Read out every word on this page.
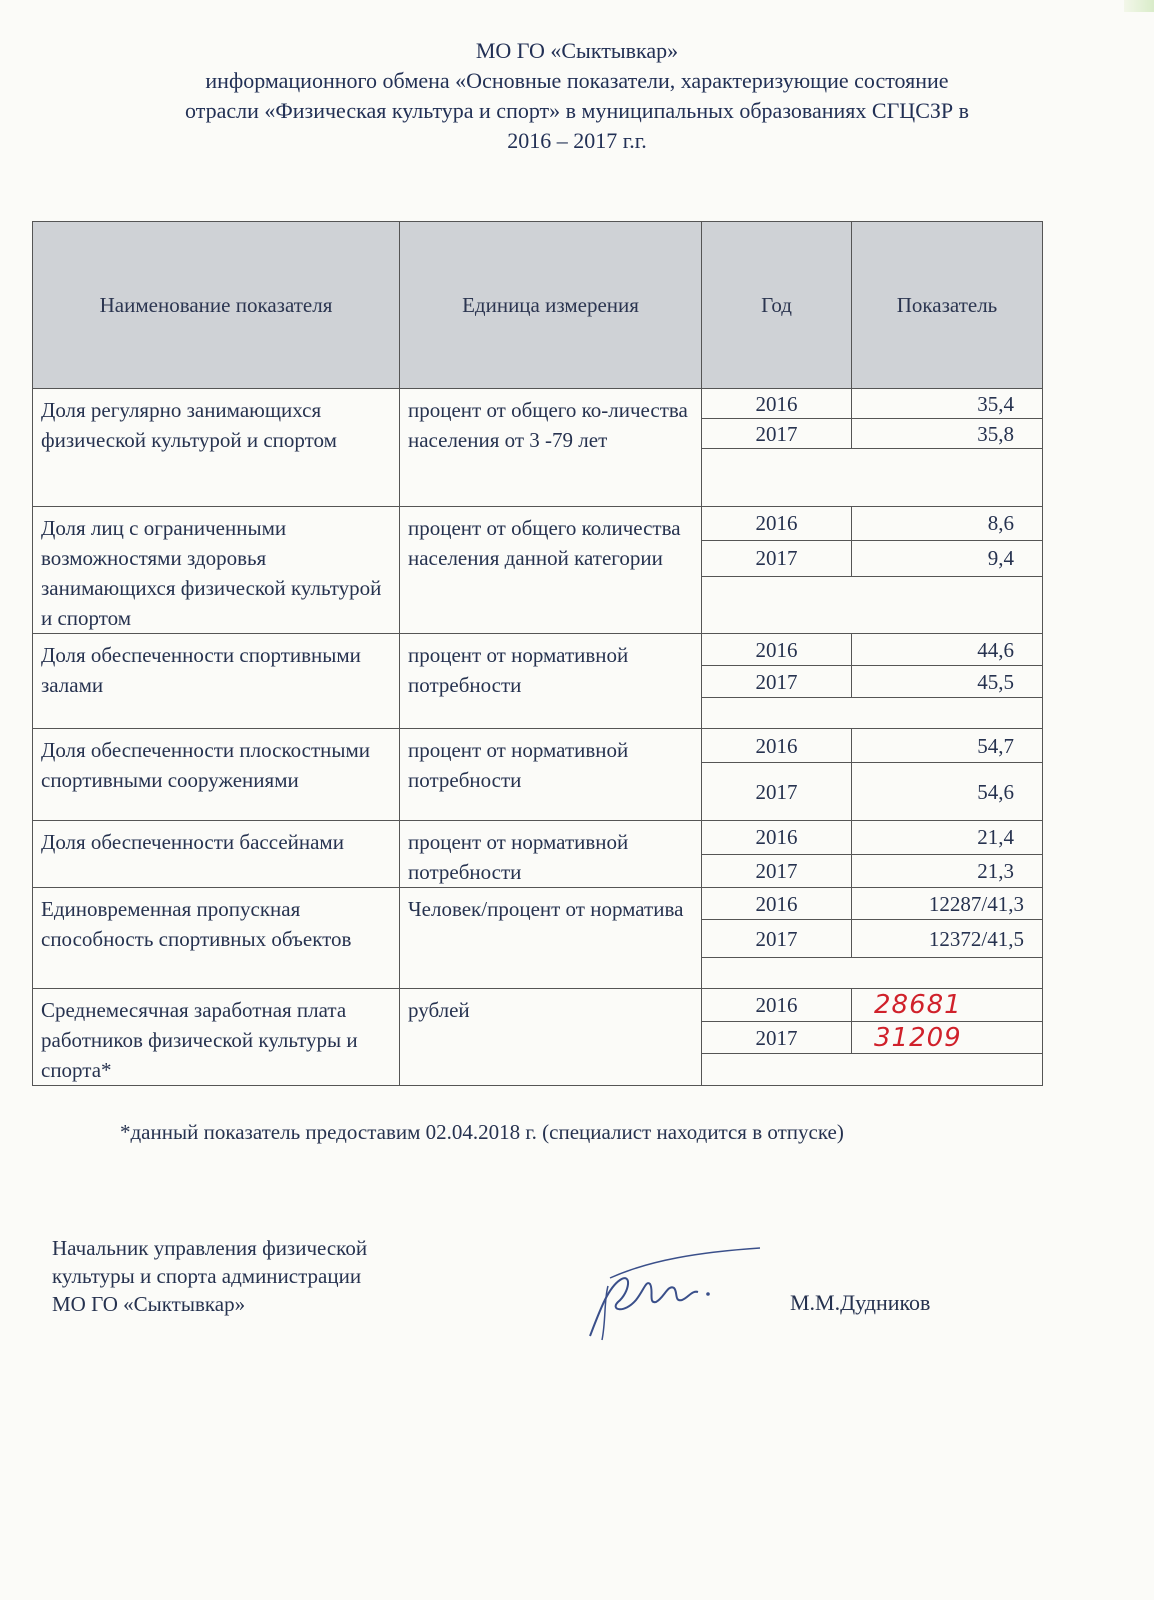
МО ГО «Сыктывкар»
информационного обмена «Основные показатели, характеризующие состояние
отрасли «Физическая культура и спорт» в муниципальных образованиях СГЦСЗР в
2016 – 2017 г.г.
Наименование показателя	Единица измерения	Год	Показатель
Доля регулярно занимающихся физической культурой и спортом	процент от общего ко-личества населения от 3 -79 лет	2016	35,4
		2017	35,8

Доля лиц с ограниченными возможностями здоровья занимающихся физической культурой и спортом	процент от общего количества населения данной категории	2016	8,6
		2017	9,4

Доля обеспеченности спортивными залами	процент от нормативной потребности	2016	44,6
		2017	45,5

Доля обеспеченности плоскостными спортивными сооружениями	процент от нормативной потребности	2016	54,7
		2017	54,6
Доля обеспеченности бассейнами	процент от нормативной потребности	2016	21,4
		2017	21,3
Единовременная пропускная способность спортивных объектов	Человек/процент от норматива	2016	12287/41,3
		2017	12372/41,5

Среднемесячная заработная плата работников физической культуры и спорта*	рублей	2016	28681
		2017	31209

*данный показатель предоставим 02.04.2018 г. (специалист находится в отпуске)
Начальник управления физической
культуры и спорта администрации
МО ГО «Сыктывкар»	М.М.Дудников
